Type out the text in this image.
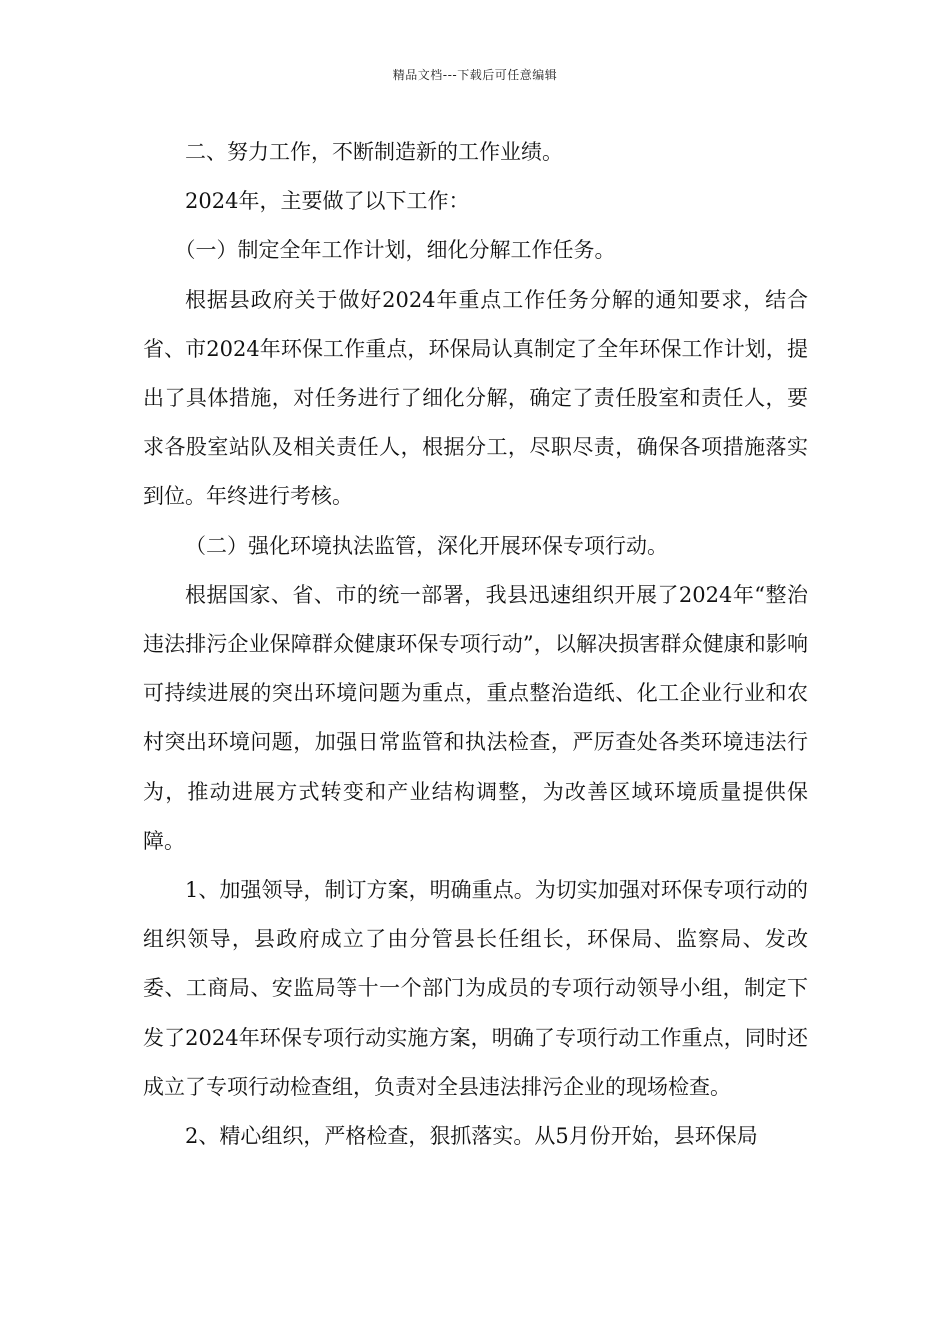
精品文档---下载后可任意编辑

二、努力工作，不断制造新的工作业绩。

2024年，主要做了以下工作：

（一）制定全年工作计划，细化分解工作任务。

根据县政府关于做好2024年重点工作任务分解的通知要求，结合省、市2024年环保工作重点，环保局认真制定了全年环保工作计划，提出了具体措施，对任务进行了细化分解，确定了责任股室和责任人，要求各股室站队及相关责任人，根据分工，尽职尽责，确保各项措施落实到位。年终进行考核。

（二）强化环境执法监管，深化开展环保专项行动。

根据国家、省、市的统一部署，我县迅速组织开展了2024年“整治违法排污企业保障群众健康环保专项行动”，以解决损害群众健康和影响可持续进展的突出环境问题为重点，重点整治造纸、化工企业行业和农村突出环境问题，加强日常监管和执法检查，严厉查处各类环境违法行为，推动进展方式转变和产业结构调整，为改善区域环境质量提供保障。

1、加强领导，制订方案，明确重点。为切实加强对环保专项行动的组织领导，县政府成立了由分管县长任组长，环保局、监察局、发改委、工商局、安监局等十一个部门为成员的专项行动领导小组，制定下发了2024年环保专项行动实施方案，明确了专项行动工作重点，同时还成立了专项行动检查组，负责对全县违法排污企业的现场检查。

2、精心组织，严格检查，狠抓落实。从5月份开始，县环保局
